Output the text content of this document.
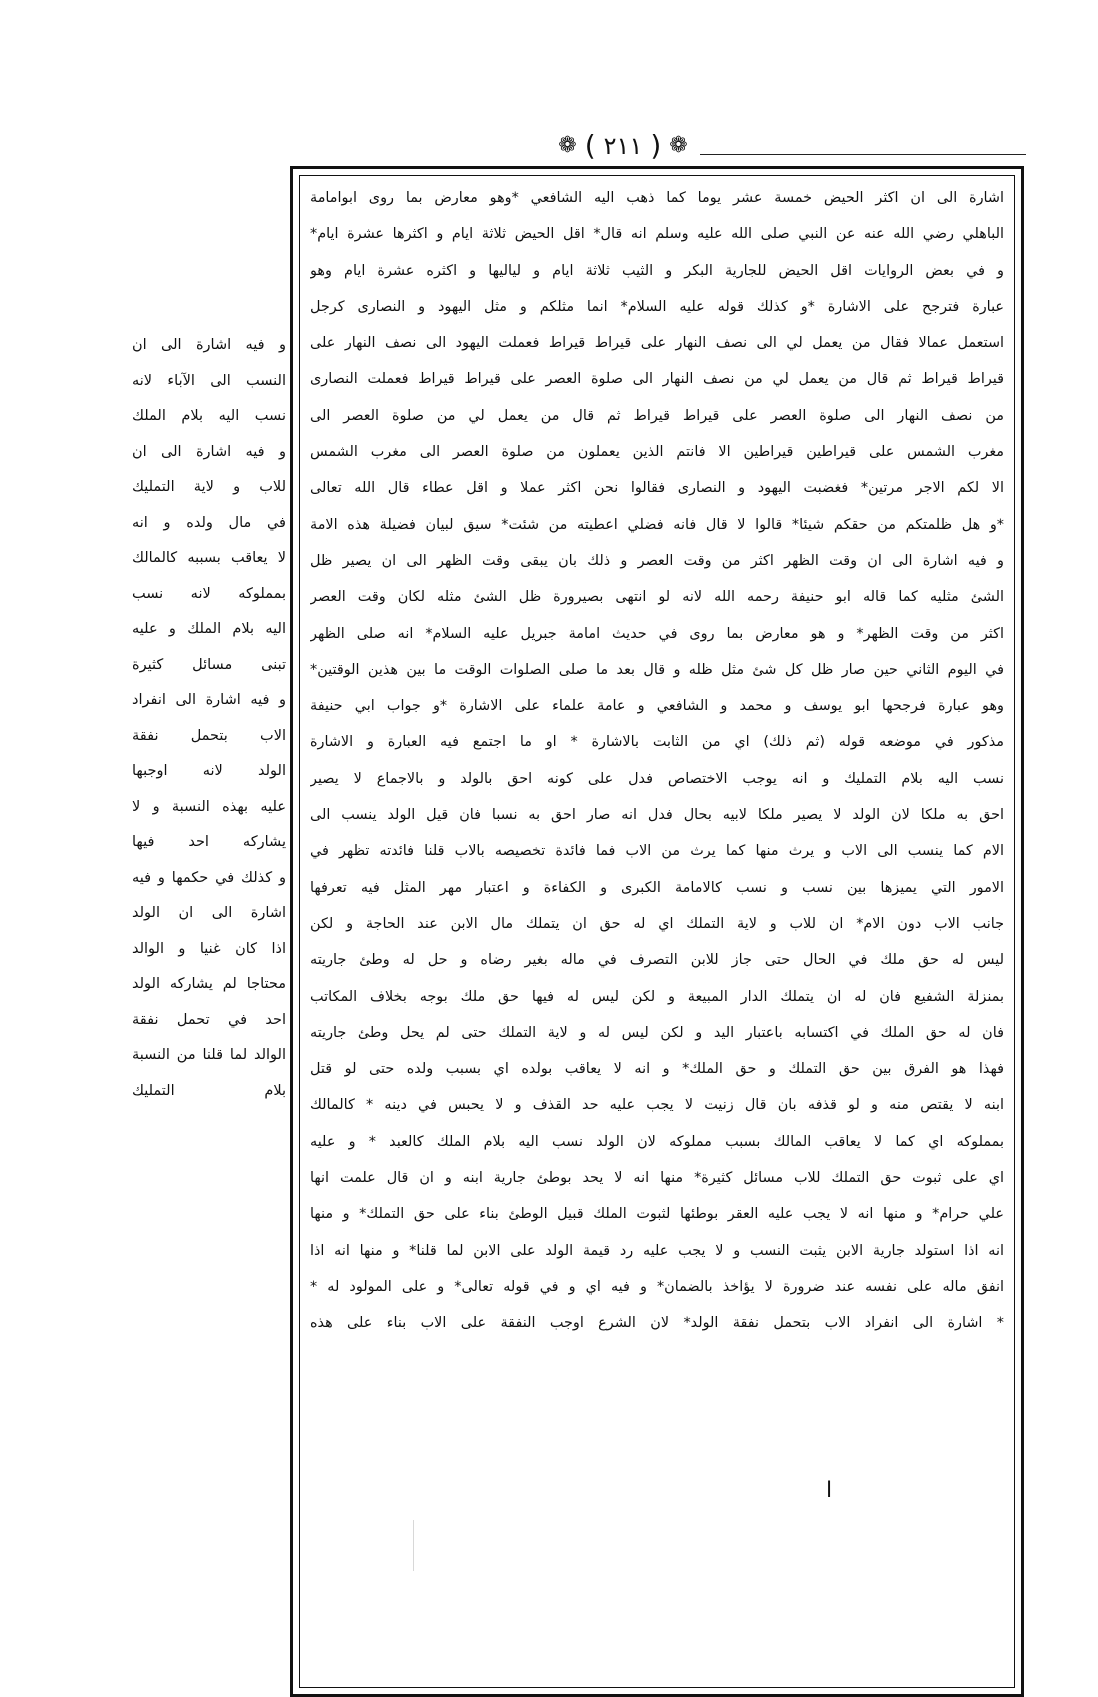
❁ ( ٢١١ ) ❁
و فيه اشارة الى ان
النسب الى الآباء لانه
نسب اليه بلام الملك
و فيه اشارة الى ان
للاب و لاية التمليك
في مال ولده و انه
لا يعاقب بسببه كالمالك
بمملوكه لانه نسب
اليه بلام الملك و عليه
تبنى مسائل كثيرة
و فيه اشارة الى انفراد
الاب بتحمل نفقة
الولد لانه اوجبها
عليه بهذه النسبة و لا
يشاركه احد فيها
و كذلك في حكمها و فيه
اشارة الى ان الولد
اذا كان غنيا و الوالد
محتاجا لم يشاركه الولد
احد في تحمل نفقة
الوالد لما قلنا من النسبة
بلام التمليك
اشارة الى ان اكثر الحيض خمسة عشر يوما كما ذهب اليه الشافعي *وهو معارض بما روى ابوامامة
الباهلي رضي الله عنه عن النبي صلى الله عليه وسلم انه قال* اقل الحيض ثلاثة ايام و اكثرها عشرة ايام*
و في بعض الروايات اقل الحيض للجارية البكر و الثيب ثلاثة ايام و لياليها و اكثره عشرة ايام وهو
عبارة فترجح على الاشارة *و كذلك قوله عليه السلام* انما مثلكم و مثل اليهود و النصارى كرجل
استعمل عمالا فقال من يعمل لي الى نصف النهار على قيراط قيراط فعملت اليهود الى نصف النهار على
قيراط قيراط ثم قال من يعمل لي من نصف النهار الى صلوة العصر على قيراط قيراط فعملت النصارى
من نصف النهار الى صلوة العصر على قيراط قيراط ثم قال من يعمل لي من صلوة العصر الى
مغرب الشمس على قيراطين قيراطين الا فانتم الذين يعملون من صلوة العصر الى مغرب الشمس
الا لكم الاجر مرتين* فغضبت اليهود و النصارى فقالوا نحن اكثر عملا و اقل عطاء قال الله تعالى
*و هل ظلمتكم من حقكم شيئا* قالوا لا قال فانه فضلي اعطيته من شئت* سيق لبيان فضيلة هذه الامة
و فيه اشارة الى ان وقت الظهر اكثر من وقت العصر و ذلك بان يبقى وقت الظهر الى ان يصير ظل
الشئ مثليه كما قاله ابو حنيفة رحمه الله لانه لو انتهى بصيرورة ظل الشئ مثله لكان وقت العصر
اكثر من وقت الظهر* و هو معارض بما روى في حديث امامة جبريل عليه السلام* انه صلى الظهر
في اليوم الثاني حين صار ظل كل شئ مثل ظله و قال بعد ما صلى الصلوات الوقت ما بين هذين الوقتين*
وهو عبارة فرجحها ابو يوسف و محمد و الشافعي و عامة علماء على الاشارة *و جواب ابي حنيفة
مذكور في موضعه قوله (ثم ذلك) اي من الثابت بالاشارة * او ما اجتمع فيه العبارة و الاشارة
نسب اليه بلام التمليك و انه يوجب الاختصاص فدل على كونه احق بالولد و بالاجماع لا يصير
احق به ملكا لان الولد لا يصير ملكا لابيه بحال فدل انه صار احق به نسبا فان قيل الولد ينسب الى
الام كما ينسب الى الاب و يرث منها كما يرث من الاب فما فائدة تخصيصه بالاب قلنا فائدته تظهر في
الامور التي يميزها بين نسب و نسب كالامامة الكبرى و الكفاءة و اعتبار مهر المثل فيه تعرفها
جانب الاب دون الام* ان للاب و لاية التملك اي له حق ان يتملك مال الابن عند الحاجة و لكن
ليس له حق ملك في الحال حتى جاز للابن التصرف في ماله بغير رضاه و حل له وطئ جاريته
بمنزلة الشفيع فان له ان يتملك الدار المبيعة و لكن ليس له فيها حق ملك بوجه بخلاف المكاتب
فان له حق الملك في اكتسابه باعتبار اليد و لكن ليس له و لاية التملك حتى لم يحل وطئ جاريته
فهذا هو الفرق بين حق التملك و حق الملك* و انه لا يعاقب بولده اي بسبب ولده حتى لو قتل
ابنه لا يقتص منه و لو قذفه بان قال زنيت لا يجب عليه حد القذف و لا يحبس في دينه * كالمالك
بمملوكه اي كما لا يعاقب المالك بسبب مملوكه لان الولد نسب اليه بلام الملك كالعبد * و عليه
اي على ثبوت حق التملك للاب مسائل كثيرة* منها انه لا يحد بوطئ جارية ابنه و ان قال علمت انها
علي حرام* و منها انه لا يجب عليه العقر بوطئها لثبوت الملك قبيل الوطئ بناء على حق التملك* و منها
انه اذا استولد جارية الابن يثبت النسب و لا يجب عليه رد قيمة الولد على الابن لما قلنا* و منها انه اذا
انفق ماله على نفسه عند ضرورة لا يؤاخذ بالضمان* و فيه اي و في قوله تعالى* و على المولود له *
* اشارة الى انفراد الاب بتحمل نفقة الولد* لان الشرع اوجب النفقة على الاب بناء على هذه
ا
